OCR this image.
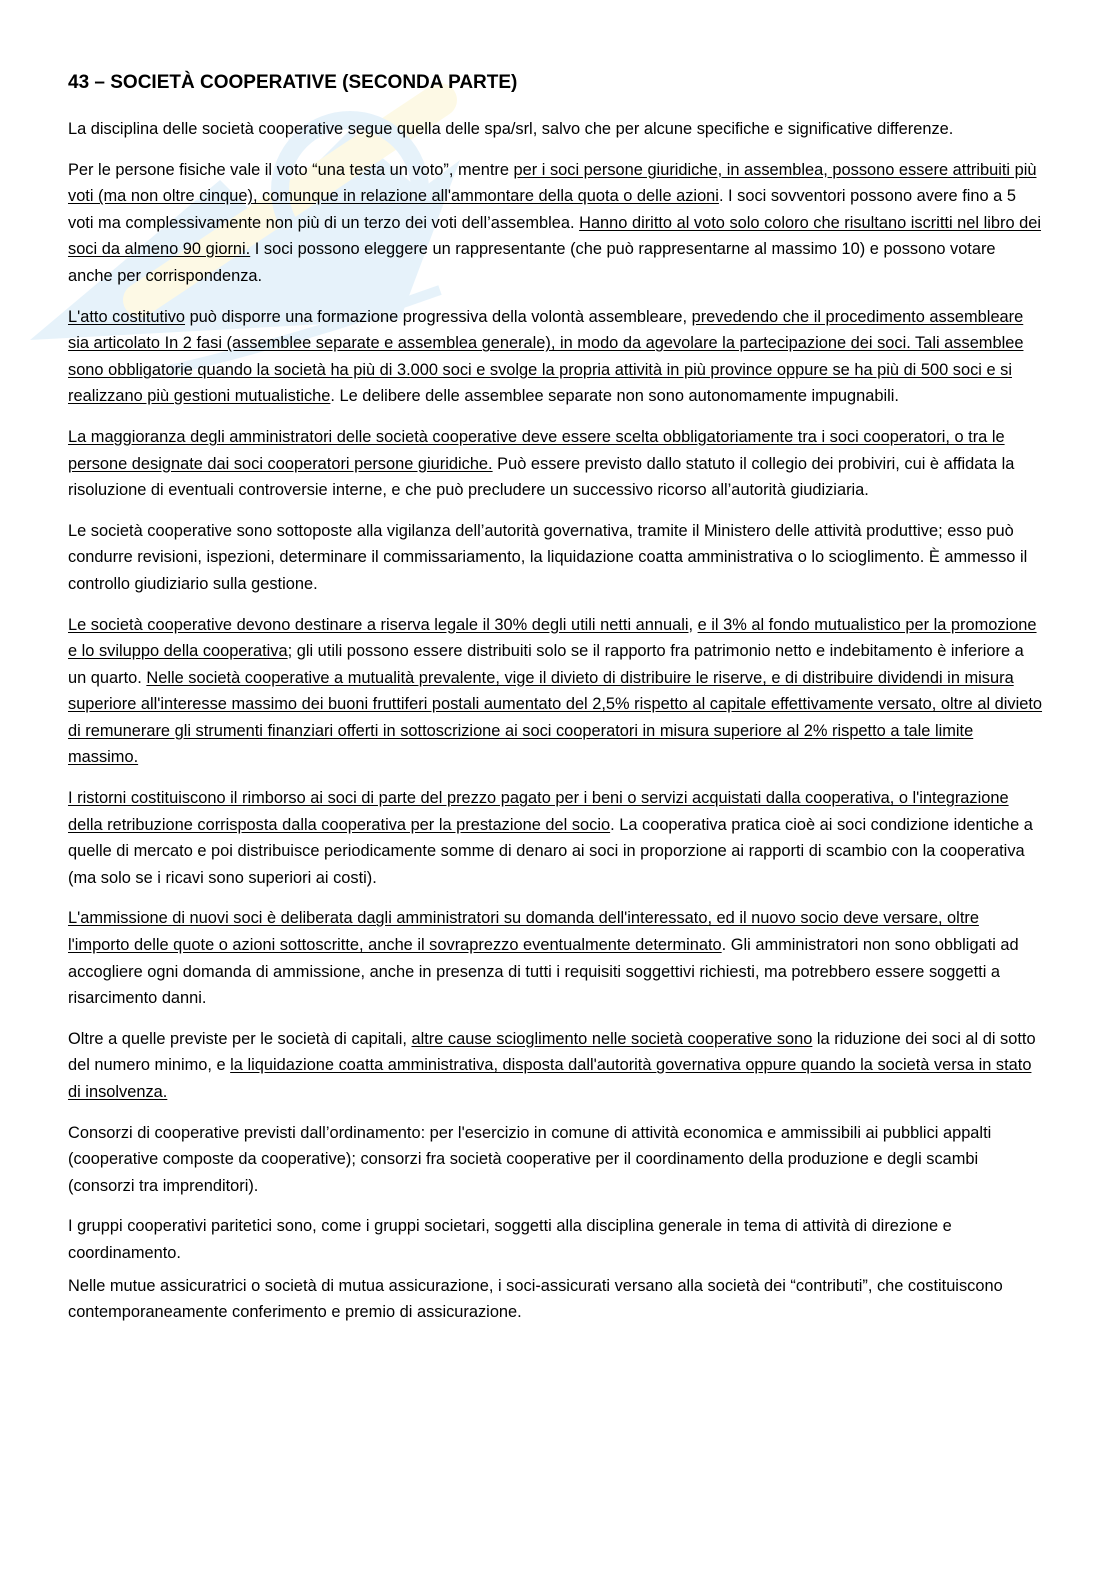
43 – SOCIETÀ COOPERATIVE (SECONDA PARTE)

La disciplina delle società cooperative segue quella delle spa/srl, salvo che per alcune specifiche e significative differenze.

Per le persone fisiche vale il voto “una testa un voto”, mentre per i soci persone giuridiche, in assemblea, possono essere attribuiti più voti (ma non oltre cinque), comunque in relazione all'ammontare della quota o delle azioni. I soci sovventori possono avere fino a 5 voti ma complessivamente non più di un terzo dei voti dell’assemblea. Hanno diritto al voto solo coloro che risultano iscritti nel libro dei soci da almeno 90 giorni. I soci possono eleggere un rappresentante (che può rappresentarne al massimo 10) e possono votare anche per corrispondenza.

L'atto costitutivo può disporre una formazione progressiva della volontà assembleare, prevedendo che il procedimento assembleare sia articolato In 2 fasi (assemblee separate e assemblea generale), in modo da agevolare la partecipazione dei soci. Tali assemblee sono obbligatorie quando la società ha più di 3.000 soci e svolge la propria attività in più province oppure se ha più di 500 soci e si realizzano più gestioni mutualistiche. Le delibere delle assemblee separate non sono autonomamente impugnabili.

La maggioranza degli amministratori delle società cooperative deve essere scelta obbligatoriamente tra i soci cooperatori, o tra le persone designate dai soci cooperatori persone giuridiche. Può essere previsto dallo statuto il collegio dei probiviri, cui è affidata la risoluzione di eventuali controversie interne, e che può precludere un successivo ricorso all’autorità giudiziaria.

Le società cooperative sono sottoposte alla vigilanza dell’autorità governativa, tramite il Ministero delle attività produttive; esso può condurre revisioni, ispezioni, determinare il commissariamento, la liquidazione coatta amministrativa o lo scioglimento. È ammesso il controllo giudiziario sulla gestione.

Le società cooperative devono destinare a riserva legale il 30% degli utili netti annuali, e il 3% al fondo mutualistico per la promozione e lo sviluppo della cooperativa; gli utili possono essere distribuiti solo se il rapporto fra patrimonio netto e indebitamento è inferiore a un quarto. Nelle società cooperative a mutualità prevalente, vige il divieto di distribuire le riserve, e di distribuire dividendi in misura superiore all'interesse massimo dei buoni fruttiferi postali aumentato del 2,5% rispetto al capitale effettivamente versato, oltre al divieto di remunerare gli strumenti finanziari offerti in sottoscrizione ai soci cooperatori in misura superiore al 2% rispetto a tale limite massimo.

I ristorni costituiscono il rimborso ai soci di parte del prezzo pagato per i beni o servizi acquistati dalla cooperativa, o l'integrazione della retribuzione corrisposta dalla cooperativa per la prestazione del socio. La cooperativa pratica cioè ai soci condizione identiche a quelle di mercato e poi distribuisce periodicamente somme di denaro ai soci in proporzione ai rapporti di scambio con la cooperativa (ma solo se i ricavi sono superiori ai costi).

L'ammissione di nuovi soci è deliberata dagli amministratori su domanda dell'interessato, ed il nuovo socio deve versare, oltre l'importo delle quote o azioni sottoscritte, anche il sovraprezzo eventualmente determinato. Gli amministratori non sono obbligati ad accogliere ogni domanda di ammissione, anche in presenza di tutti i requisiti soggettivi richiesti, ma potrebbero essere soggetti a risarcimento danni.

Oltre a quelle previste per le società di capitali, altre cause scioglimento nelle società cooperative sono la riduzione dei soci al di sotto del numero minimo, e la liquidazione coatta amministrativa, disposta dall'autorità governativa oppure quando la società versa in stato di insolvenza.

Consorzi di cooperative previsti dall’ordinamento: per l'esercizio in comune di attività economica e ammissibili ai pubblici appalti (cooperative composte da cooperative); consorzi fra società cooperative per il coordinamento della produzione e degli scambi (consorzi tra imprenditori).

I gruppi cooperativi paritetici sono, come i gruppi societari, soggetti alla disciplina generale in tema di attività di direzione e coordinamento.

Nelle mutue assicuratrici o società di mutua assicurazione, i soci-assicurati versano alla società dei “contributi”, che costituiscono contemporaneamente conferimento e premio di assicurazione.
